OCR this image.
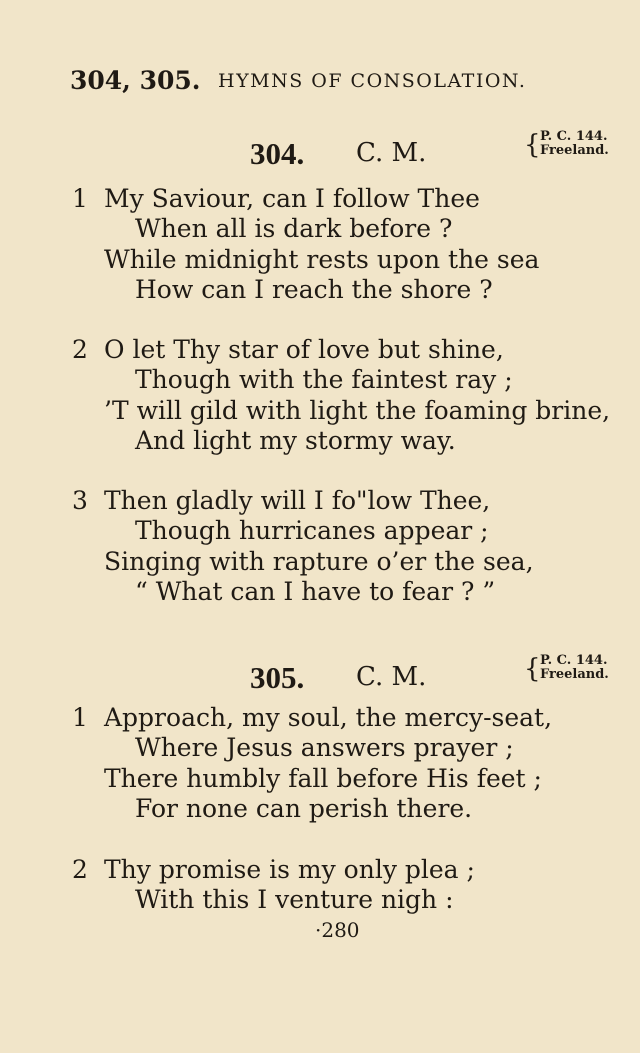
304, 305. HYMNS OF CONSOLATION.
304. C. M.	{ P. C. 144.
Freeland.
1 My Saviour, can I follow Thee
When all is dark before ?
While midnight rests upon the sea
How can I reach the shore ?
2 O let Thy star of love but shine,
Though with the faintest ray ;
’T will gild with light the foaming brine,
And light my stormy way.
3 Then gladly will I fo"low Thee,
Though hurricanes appear ;
Singing with rapture o’er the sea,
“ What can I have to fear ? ”
305. C. M.	{ P. C. 144.
Freeland.
1 Approach, my soul, the mercy-seat,
Where Jesus answers prayer ;
There humbly fall before His feet ;
For none can perish there.
2 Thy promise is my only plea ;
With this I venture nigh :
·280
